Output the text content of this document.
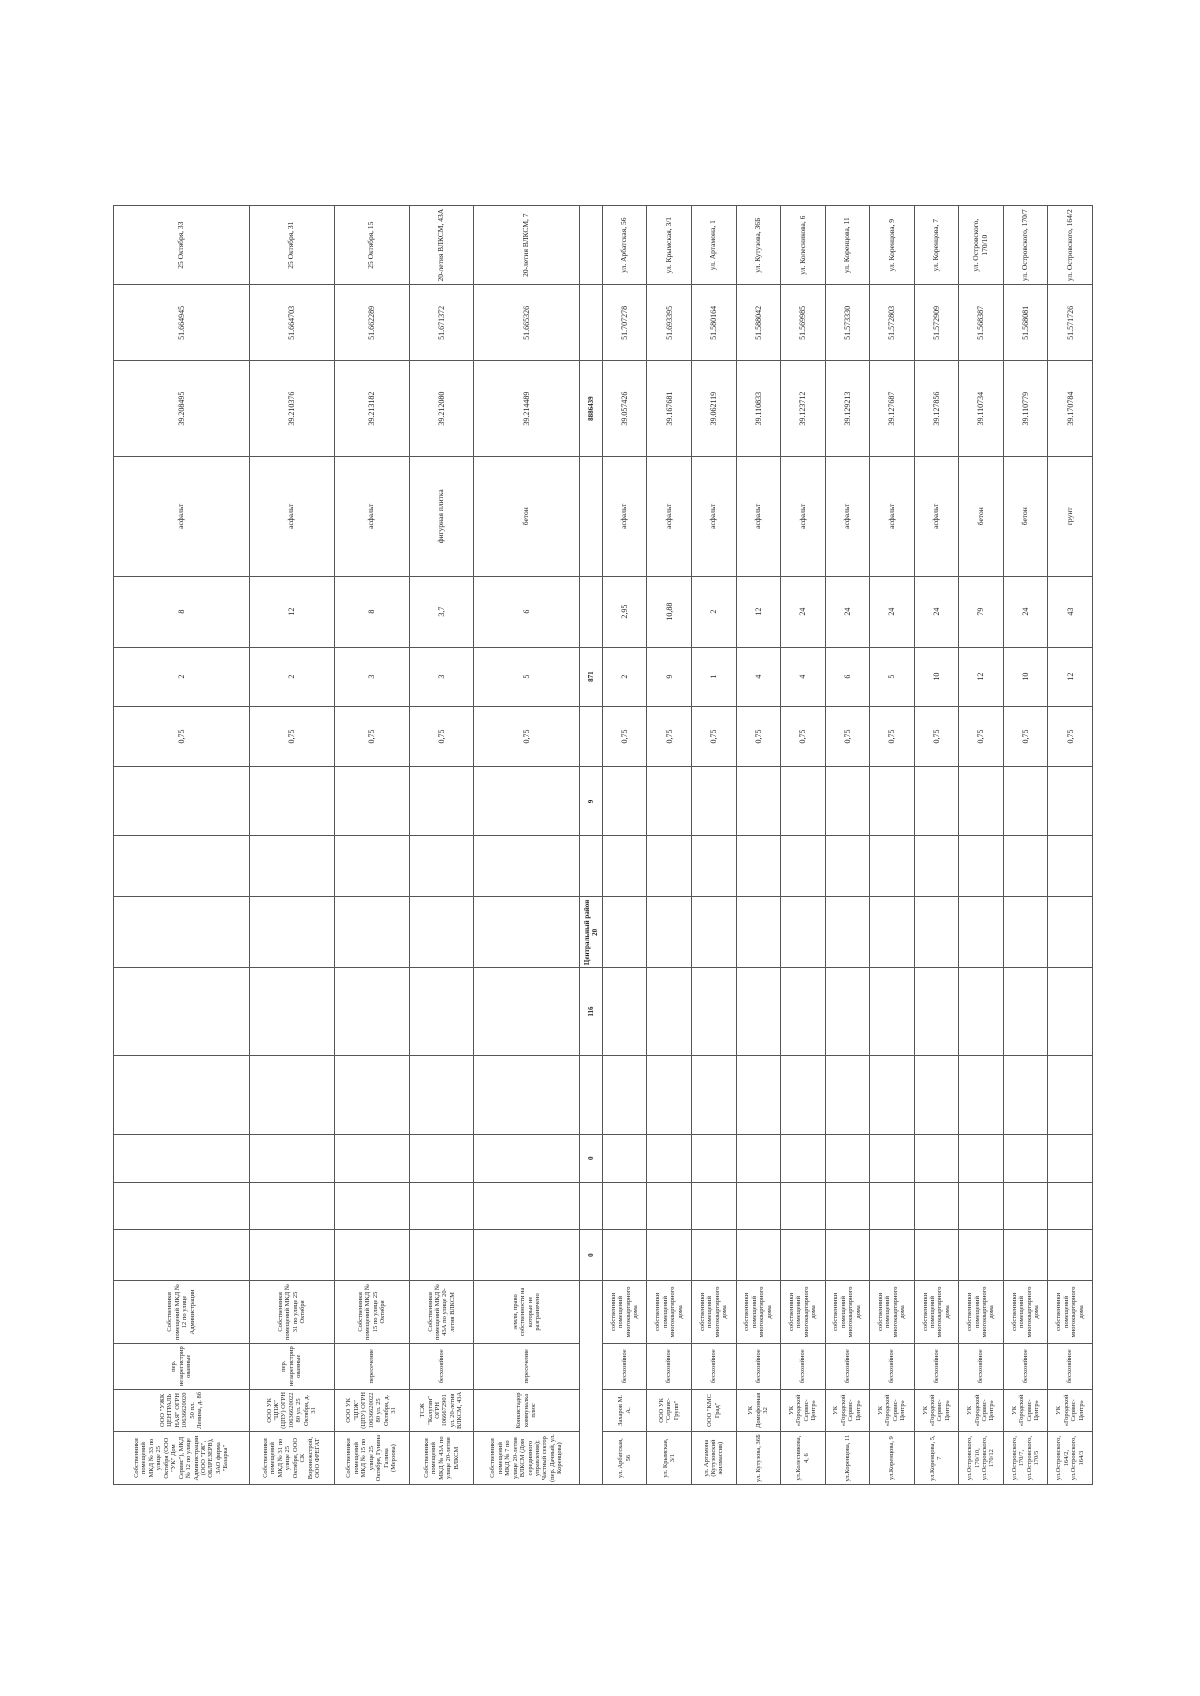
Собственники помещений МКД № 33 по улице 25 Октября (ООО "УК" Дом Сервис"), МКД № 12 по улице Администрации (ООО "ГЖ", ОБЛРЕЗЕРВ), ЗАО фирма "Базарка"	ООО "УЖК ЦЕНТРАЛЬНАЯ" ОГРН 1063662002050 пл. Ленина, д. 8б	пер. незарегистрированные	Собственники помещений МКД № 12 по улице Администрации									0,75	2	8	асфальт	39.208495	51.664945	25 Октября, 33
Собственники помещений МКД № 31 по улице 25 Октября, ООО СК Воронежстрой, ООО ФРЕГАТ	ООО УК "ЦПЖ" (ЦПУ) ОГРН 1063662002280 ул. 25 Октября, д. 31	пер. незарегистрированные	Собственники помещений МКД № 31 по улице 25 Октября									0,75	2	12	асфальт	39.210376	51.664703	25 Октября, 31
Собственники помещений МКД № 15 по улице 25 Октября, Гунина Галина (Мерзова)	ООО УК "ЦПЖ" (ЦПУ) ОГРН 1063662002280 ул. 25 Октября, д. 31	пересечение	Собственники помещений МКД № 15 по улице 25 Октября									0,75	3	8	асфальт	39.213182	51.662289	25 Октября, 15
Собственники помещений МКД № 43А по улице 20-летия ВЛКСМ	ТСЖ "Калугин" ОГРН 1066672901 ул. 20-летия ВЛКСМ, 43А	бесхозяйное	Собственники помещений МКД № 43А по улице 20-летия ВЛКСМ									0,75	3	3,7	фигурная плитка	39.212080	51.671372	20-летия ВЛКСМ, 43А
Собственники помещений МКД № 7 по улице 20-летия ВЛКСМ (Дом серединного управления); Частный сектор (пер. Дачный, ул. Коренцова)	Конкистадор коммуналка плюс	пересечение	земли, право собственности на которые не разграничено									0,75	5	6	бетон	39.214489	51.665326	20-летия ВЛКСМ, 7
				0		0		116	Центральный район 20		9		871			8886439		
ул. Арбатская, 56	Захаров М. А.	бесхозяйное	собственники помещений многоквартирного дома									0,75	2	2,95	асфальт	39.057426	51.707278	ул. Арбатская, 56
ул. Крымская, 3/1	ООО УК "Сервис-Групп"	бесхозяйное	собственники помещений многоквартирного дома									0,75	9	10,88	асфальт	39.167681	51.693395	ул. Крымская, 3/1
ул. Артамона (Кутузовский жилмассив)	ООО "КМС Град"	бесхозяйное	собственники помещений многоквартирного дома									0,75	1	2	асфальт	39.062119	51.580164	ул. Артамона, 1
ул. Кутузова, 36Б	УК Домофонная 32	бесхозяйное	собственники помещений многоквартирного дома									0,75	4	12	асфальт	39.110833	51.588042	ул. Кутузова, 36Б
ул.Колесникова, 4, 6	УК «Городской Сервис-Центр»	бесхозяйное	собственники помещений многоквартирного дома									0,75	4	24	асфальт	39.123712	51.569985	ул. Колесникова, 6
ул.Коренцова, 11	УК «Городской Сервис-Центр»	бесхозяйное	собственники помещений многоквартирного дома									0,75	6	24	асфальт	39.129213	51.573330	ул. Коренцова, 11
ул.Коренцова, 9	УК «Городской Сервис-Центр»	бесхозяйное	собственники помещений многоквартирного дома									0,75	5	24	асфальт	39.127687	51.572803	ул. Коренцова, 9
ул.Коренцова, 5, 7	УК «Городской Сервис-Центр»	бесхозяйное	собственники помещений многоквартирного дома									0,75	10	24	асфальт	39.127856	51.572909	ул. Коренцова, 7
ул.Островского, 170/10, ул.Островского, 170/12	УК «Городской Сервис-Центр»	бесхозяйное	собственники помещений многоквартирного дома									0,75	12	79	бетон	39.110734	51.568387	ул. Островского, 170/10
ул.Островского, 170/7, ул.Островского, 170/5	УК «Городской Сервис-Центр»	бесхозяйное	собственники помещений многоквартирного дома									0,75	10	24	бетон	39.110779	51.568081	ул. Островского, 170/7
ул.Островского, 164/2, ул.Островского, 164/3	УК «Городской Сервис-Центр»	бесхозяйное	собственники помещений многоквартирного дома									0,75	12	43	грунт	39.170784	51.571726	ул. Островского, 164/2
